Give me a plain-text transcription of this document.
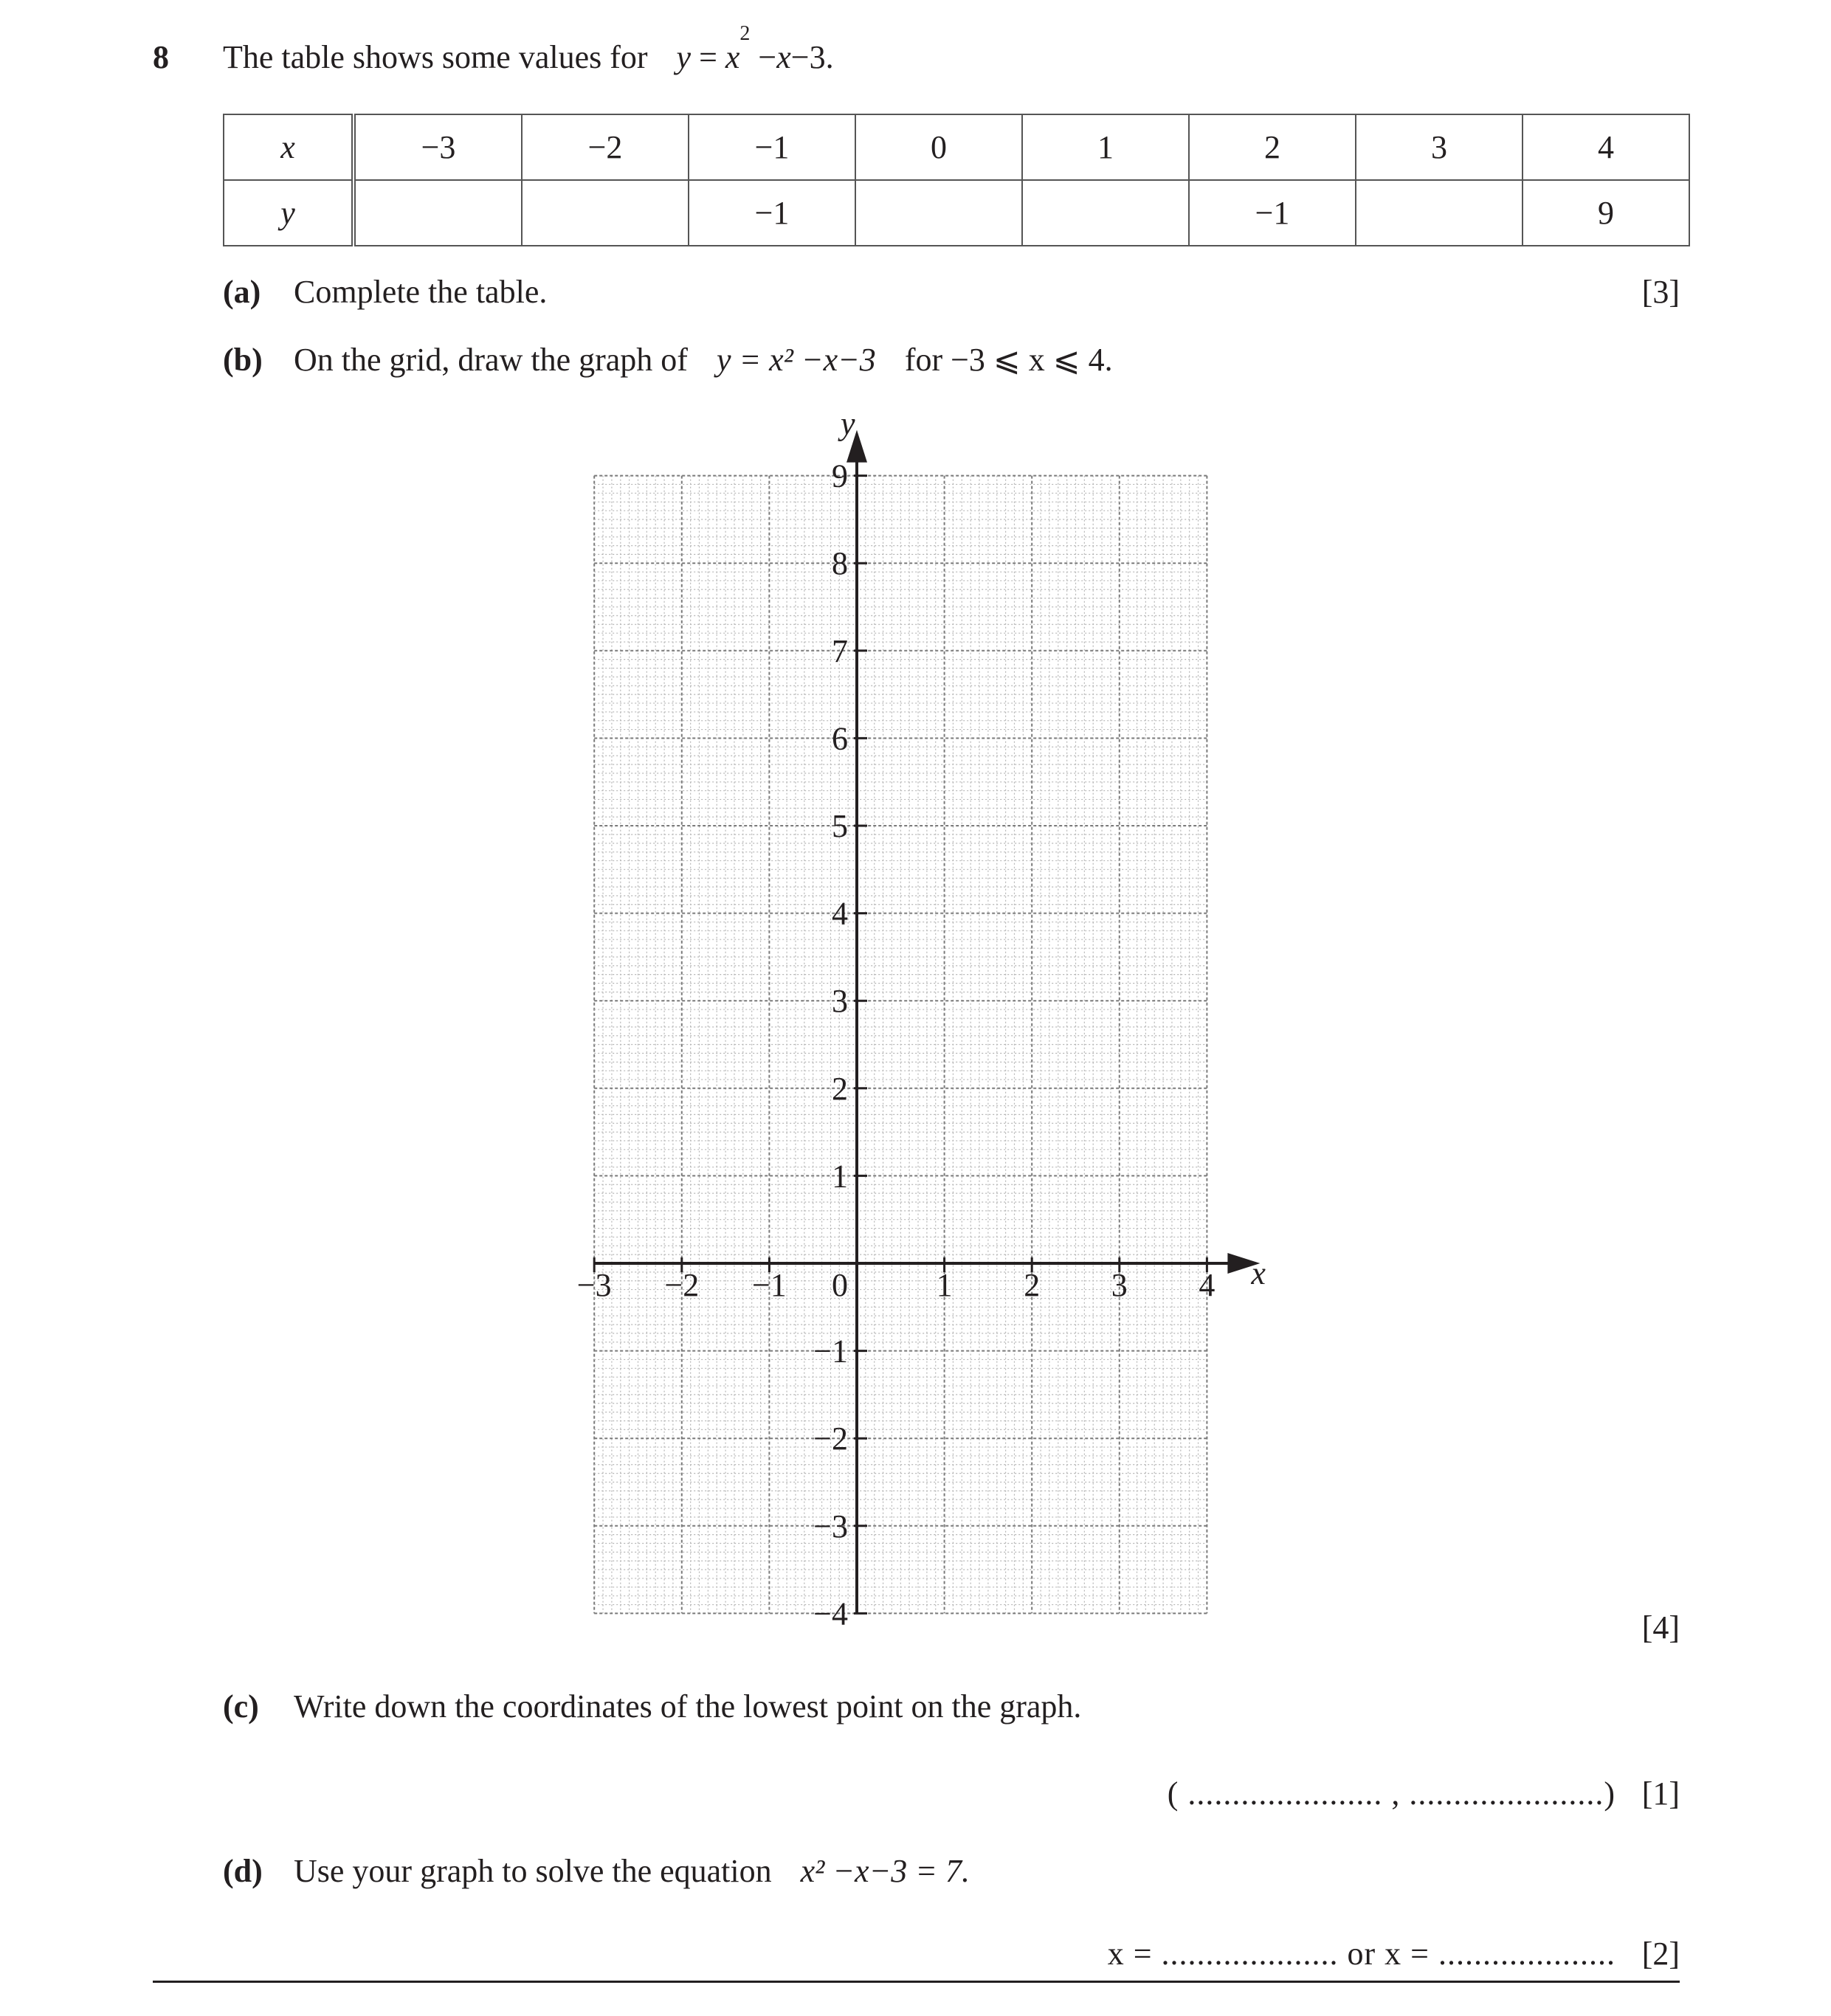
8 The table shows some values for $y = x^2 -x-3$.
x	−3	−2	−1	0	1	2	3	4
y			−1			−1		9
(a) Complete the table.	[3]
(b) On the grid, draw the graph of y = x² −x−3 for −3 ⩽ x ⩽ 4.
x
y
−3 −2 −1 0	1 2 3 4
9
8
7
6
5
4
3
2
1
−1
−2
−3
−4	[4]
(c) Write down the coordinates of the lowest point on the graph.
( ...................... , ......................) [1]
(d) Use your graph to solve the equation x² −x−3 = 7.
x = .................... or x = .................... [2]
